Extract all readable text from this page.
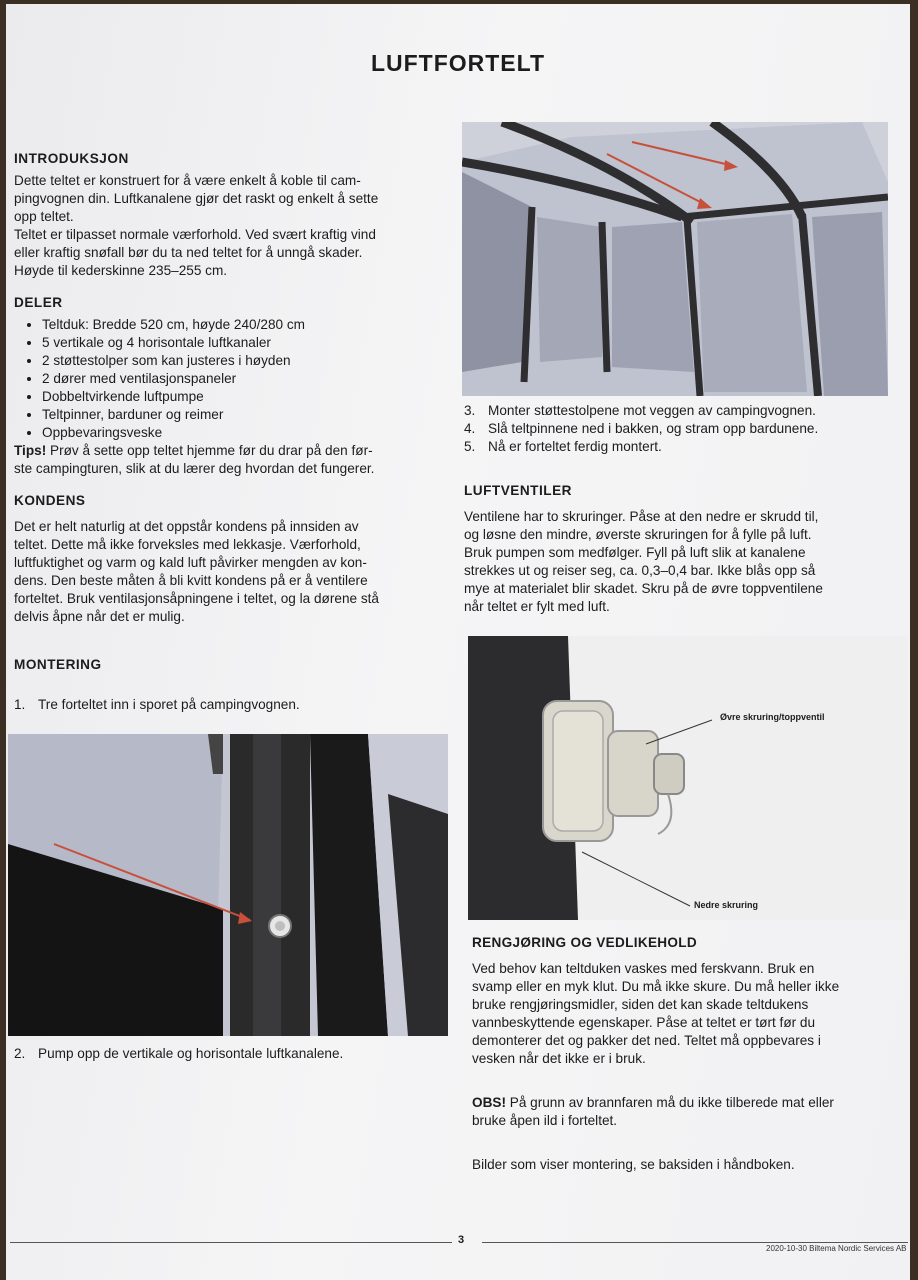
LUFTFORTELT
INTRODUKSJON

Dette teltet er konstruert for å være enkelt å koble til cam-

pingvognen din. Luftkanalene gjør det raskt og enkelt å sette

opp teltet.

Teltet er tilpasset normale værforhold. Ved svært kraftig vind

eller kraftig snøfall bør du ta ned teltet for å unngå skader.

Høyde til kederskinne 235–255 cm.

DELER
• Teltduk: Bredde 520 cm, høyde 240/280 cm
• 5 vertikale og 4 horisontale luftkanaler
• 2 støttestolper som kan justeres i høyden
• 2 dører med ventilasjonspaneler
• Dobbeltvirkende luftpumpe
• Teltpinner, barduner og reimer
• Oppbevaringsveske

Tips! Prøv å sette opp teltet hjemme før du drar på den før-

ste campingturen, slik at du lærer deg hvordan det fungerer.

KONDENS

Det er helt naturlig at det oppstår kondens på innsiden av

teltet. Dette må ikke forveksles med lekkasje. Værforhold,

luftfuktighet og varm og kald luft påvirker mengden av kon-

dens. Den beste måten å bli kvitt kondens på er å ventilere

forteltet. Bruk ventilasjonsåpningene i teltet, og la dørene stå

delvis åpne når det er mulig.

MONTERING
1. Tre forteltet inn i sporet på campingvognen.
2. Pump opp de vertikale og horisontale luftkanalene.
3. Monter støttestolpene mot veggen av campingvognen.
4. Slå teltpinnene ned i bakken, og stram opp bardunene.
5. Nå er forteltet ferdig montert.
LUFTVENTILER

Ventilene har to skruringer. Påse at den nedre er skrudd til,

og løsne den mindre, øverste skruringen for å fylle på luft.

Bruk pumpen som medfølger. Fyll på luft slik at kanalene

strekkes ut og reiser seg, ca. 0,3–0,4 bar. Ikke blås opp så

mye at materialet blir skadet. Skru på de øvre toppventilene

når teltet er fylt med luft.

Øvre skruring/toppventil
Nedre skruring
RENGJØRING OG VEDLIKEHOLD

Ved behov kan teltduken vaskes med ferskvann. Bruk en

svamp eller en myk klut. Du må ikke skure. Du må heller ikke

bruke rengjøringsmidler, siden det kan skade teltdukens

vannbeskyttende egenskaper. Påse at teltet er tørt før du

demonterer det og pakker det ned. Teltet må oppbevares i

vesken når det ikke er i bruk.

OBS! På grunn av brannfaren må du ikke tilberede mat eller

bruke åpen ild i forteltet.

Bilder som viser montering, se baksiden i håndboken.

3
2020-10-30 Biltema Nordic Services AB
